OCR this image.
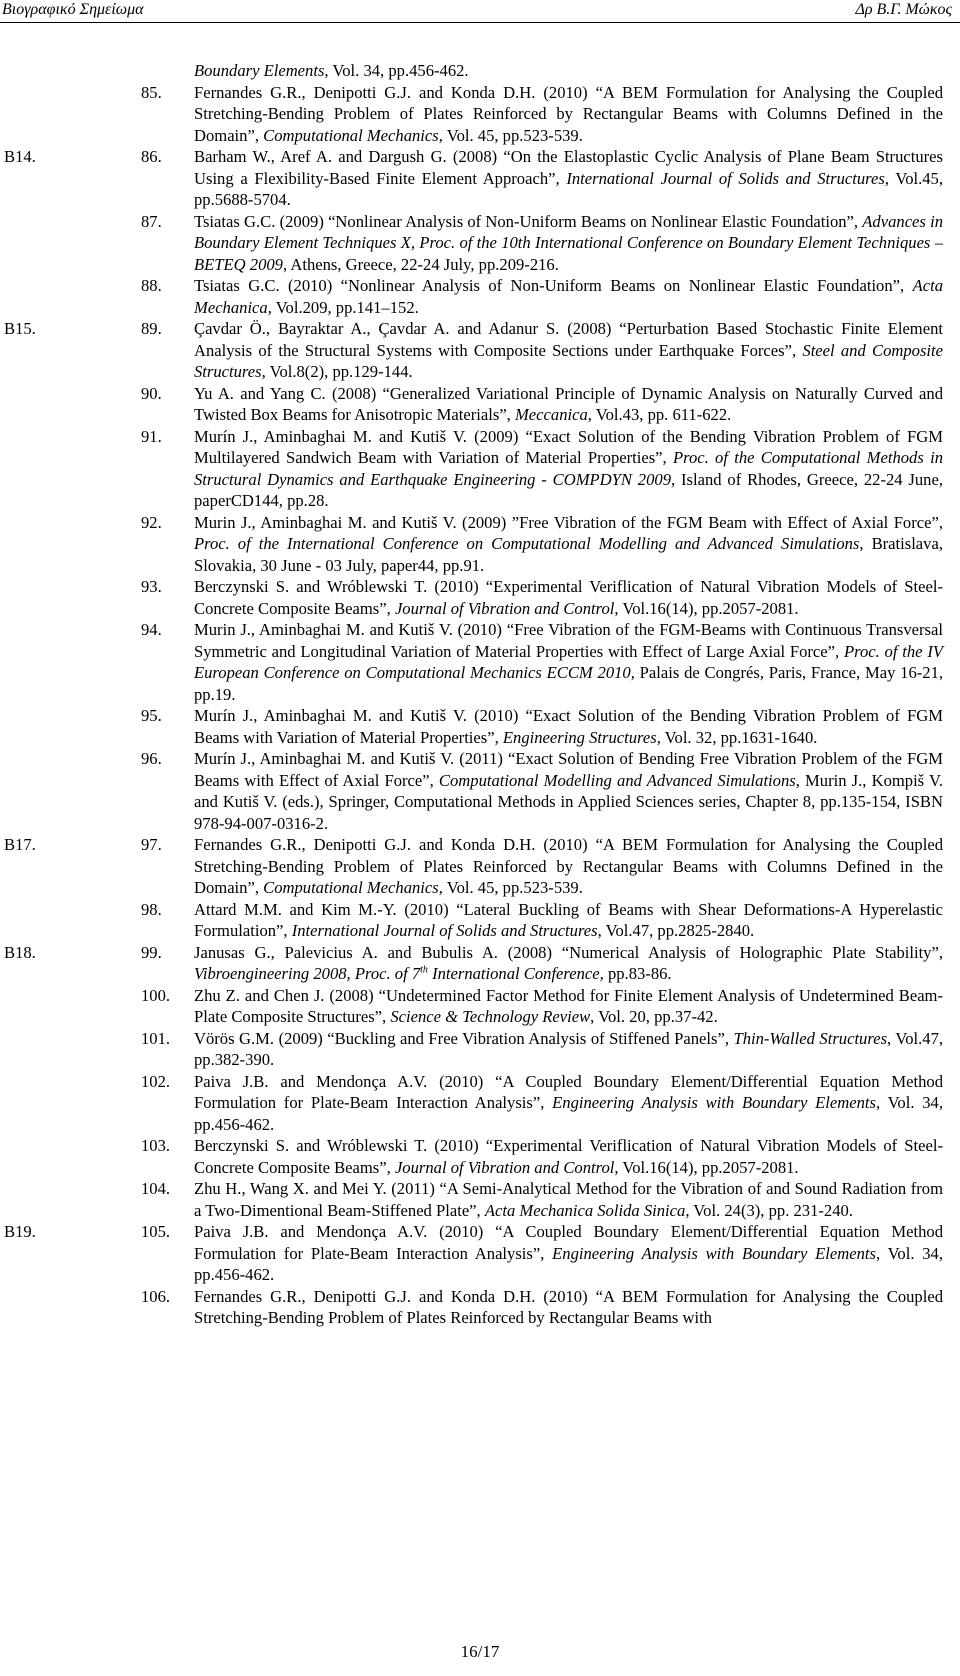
Βιογραφικό Σημείωμα	Δρ Β.Γ. Μώκος
Boundary Elements, Vol. 34, pp.456-462.
85. Fernandes G.R., Denipotti G.J. and Konda D.H. (2010) “A BEM Formulation for Analysing the Coupled Stretching-Bending Problem of Plates Reinforced by Rectangular Beams with Columns Defined in the Domain”, Computational Mechanics, Vol. 45, pp.523-539.
B14.	86. Barham W., Aref A. and Dargush G. (2008) “On the Elastoplastic Cyclic Analysis of Plane Beam Structures Using a Flexibility-Based Finite Element Approach”, International Journal of Solids and Structures, Vol.45, pp.5688-5704.
87. Tsiatas G.C. (2009) “Nonlinear Analysis of Non-Uniform Beams on Nonlinear Elastic Foundation”, Advances in Boundary Element Techniques X, Proc. of the 10th International Conference on Boundary Element Techniques – BETEQ 2009, Athens, Greece, 22-24 July, pp.209-216.
88. Tsiatas G.C. (2010) “Nonlinear Analysis of Non-Uniform Beams on Nonlinear Elastic Foundation”, Acta Mechanica, Vol.209, pp.141–152.
B15.	89. Çavdar Ö., Bayraktar A., Çavdar A. and Adanur S. (2008) “Perturbation Based Stochastic Finite Element Analysis of the Structural Systems with Composite Sections under Earthquake Forces”, Steel and Composite Structures, Vol.8(2), pp.129-144.
90. Yu A. and Yang C. (2008) “Generalized Variational Principle of Dynamic Analysis on Naturally Curved and Twisted Box Beams for Anisotropic Materials”, Meccanica, Vol.43, pp. 611-622.
91. Murín J., Aminbaghai M. and Kutiš V. (2009) “Exact Solution of the Bending Vibration Problem of FGM Multilayered Sandwich Beam with Variation of Material Properties”, Proc. of the Computational Methods in Structural Dynamics and Earthquake Engineering - COMPDYN 2009, Island of Rhodes, Greece, 22-24 June, paperCD144, pp.28.
92. Murin J., Aminbaghai M. and Kutiš V. (2009) ”Free Vibration of the FGM Beam with Effect of Axial Force”, Proc. of the International Conference on Computational Modelling and Advanced Simulations, Bratislava, Slovakia, 30 June - 03 July, paper44, pp.91.
93. Berczynski S. and Wróblewski T. (2010) “Experimental Veriflication of Natural Vibration Models of Steel-Concrete Composite Beams”, Journal of Vibration and Control, Vol.16(14), pp.2057-2081.
94. Murin J., Aminbaghai M. and Kutiš V. (2010) “Free Vibration of the FGM-Beams with Continuous Transversal Symmetric and Longitudinal Variation of Material Properties with Effect of Large Axial Force”, Proc. of the IV European Conference on Computational Mechanics ECCM 2010, Palais de Congrés, Paris, France, May 16-21, pp.19.
95. Murín J., Aminbaghai M. and Kutiš V. (2010) “Exact Solution of the Bending Vibration Problem of FGM Beams with Variation of Material Properties”, Engineering Structures, Vol. 32, pp.1631-1640.
96. Murín J., Aminbaghai M. and Kutiš V. (2011) “Exact Solution of Bending Free Vibration Problem of the FGM Beams with Effect of Axial Force”, Computational Modelling and Advanced Simulations, Murin J., Kompiš V. and Kutiš V. (eds.), Springer, Computational Methods in Applied Sciences series, Chapter 8, pp.135-154, ISBN 978-94-007-0316-2.
B17.	97. Fernandes G.R., Denipotti G.J. and Konda D.H. (2010) “A BEM Formulation for Analysing the Coupled Stretching-Bending Problem of Plates Reinforced by Rectangular Beams with Columns Defined in the Domain”, Computational Mechanics, Vol. 45, pp.523-539.
98. Attard M.M. and Kim M.-Y. (2010) “Lateral Buckling of Beams with Shear Deformations-A Hyperelastic Formulation”, International Journal of Solids and Structures, Vol.47, pp.2825-2840.
B18.	99. Janusas G., Palevicius A. and Bubulis A. (2008) “Numerical Analysis of Holographic Plate Stability”, Vibroengineering 2008, Proc. of 7th International Conference, pp.83-86.
100. Zhu Z. and Chen J. (2008) “Undetermined Factor Method for Finite Element Analysis of Undetermined Beam-Plate Composite Structures”, Science & Technology Review, Vol. 20, pp.37-42.
101. Vörös G.M. (2009) “Buckling and Free Vibration Analysis of Stiffened Panels”, Thin-Walled Structures, Vol.47, pp.382-390.
102. Paiva J.B. and Mendonça A.V. (2010) “A Coupled Boundary Element/Differential Equation Method Formulation for Plate-Beam Interaction Analysis”, Engineering Analysis with Boundary Elements, Vol. 34, pp.456-462.
103. Berczynski S. and Wróblewski T. (2010) “Experimental Veriflication of Natural Vibration Models of Steel-Concrete Composite Beams”, Journal of Vibration and Control, Vol.16(14), pp.2057-2081.
104. Zhu H., Wang X. and Mei Y. (2011) “A Semi-Analytical Method for the Vibration of and Sound Radiation from a Two-Dimentional Beam-Stiffened Plate”, Acta Mechanica Solida Sinica, Vol. 24(3), pp. 231-240.
B19.	105. Paiva J.B. and Mendonça A.V. (2010) “A Coupled Boundary Element/Differential Equation Method Formulation for Plate-Beam Interaction Analysis”, Engineering Analysis with Boundary Elements, Vol. 34, pp.456-462.
106. Fernandes G.R., Denipotti G.J. and Konda D.H. (2010) “A BEM Formulation for Analysing the Coupled Stretching-Bending Problem of Plates Reinforced by Rectangular Beams with
16/17
